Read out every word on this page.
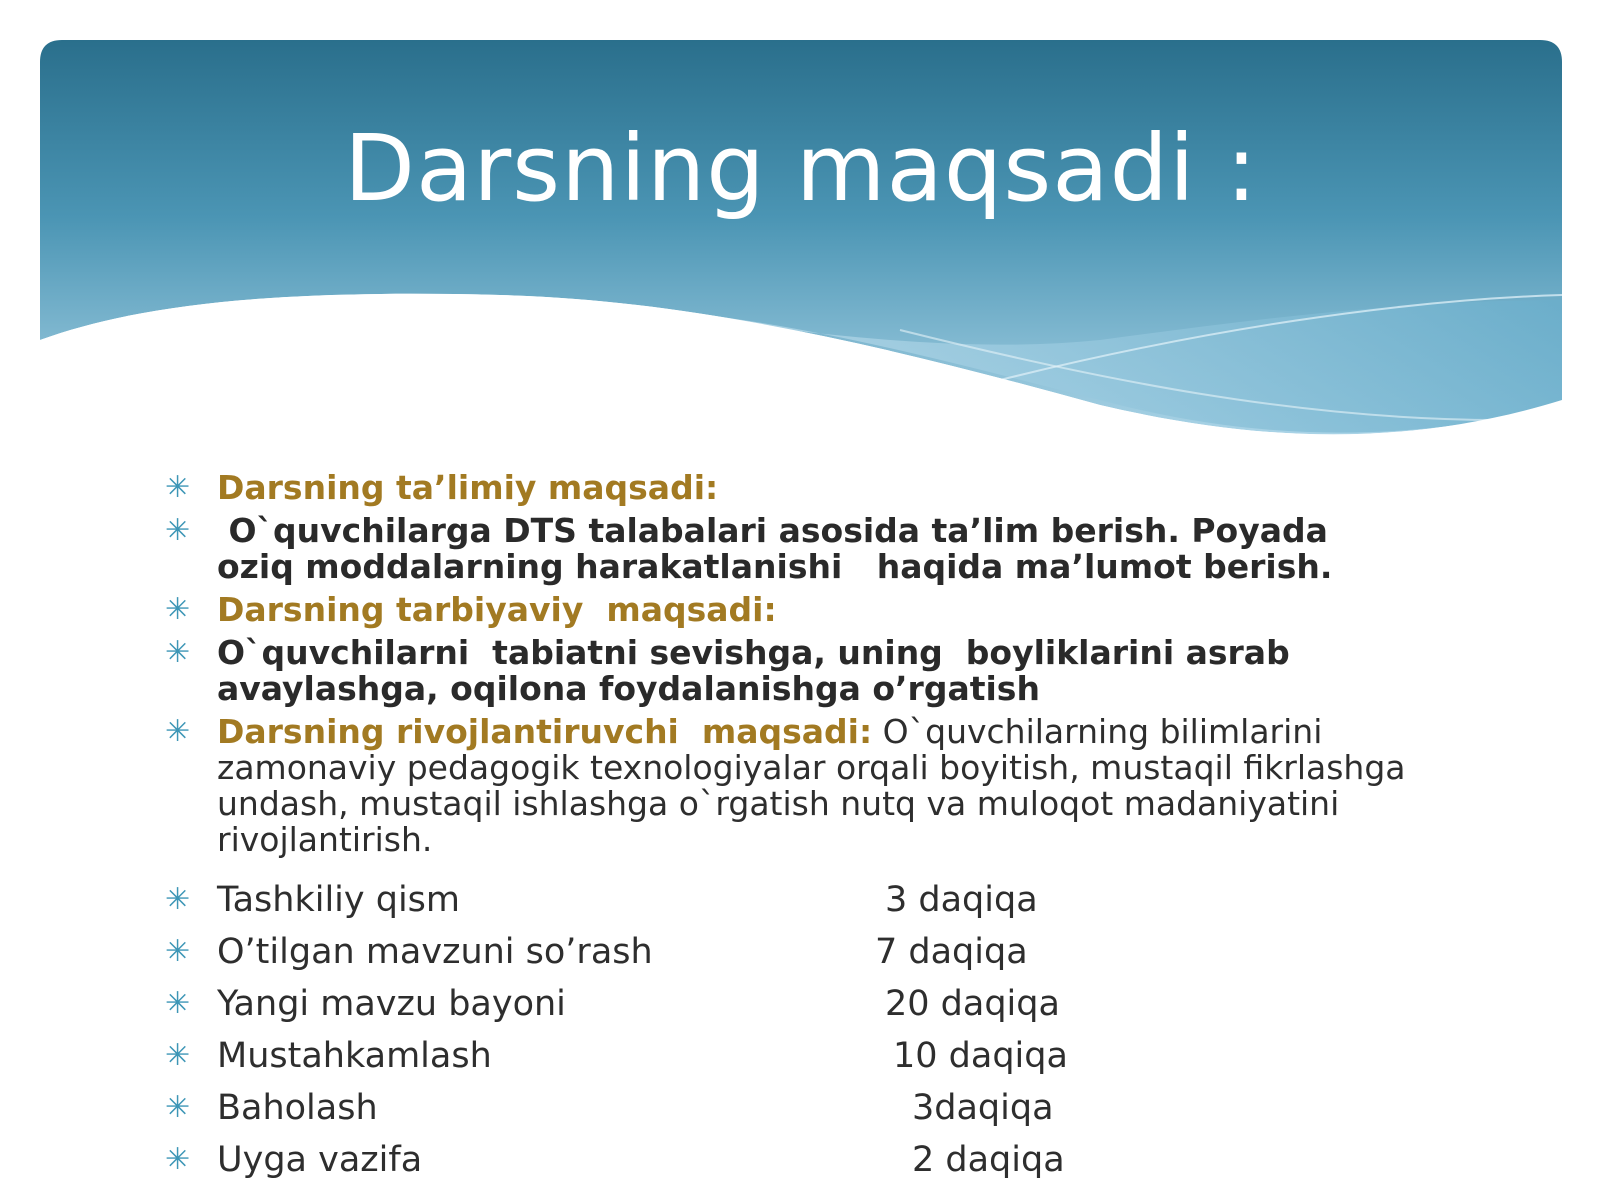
Darsning maqsadi :
✳ Darsning ta’limiy maqsadi:
✳ O`quvchilarga DTS talabalari asosida ta’lim berish. Poyada oziq moddalarning harakatlanishi   haqida ma’lumot berish.
✳ Darsning tarbiyaviy  maqsadi:
✳ O`quvchilarni  tabiatni sevishga, uning  boyliklarini asrab avaylashga, oqilona foydalanishga o’rgatish
✳ Darsning rivojlantiruvchi  maqsadi: O`quvchilarning bilimlarini zamonaviy pedagogik texnologiyalar orqali boyitish, mustaqil fikrlashga undash, mustaqil ishlashga o`rgatish nutq va muloqot madaniyatini rivojlantirish.
✳ Tashkiliy qism	3 daqiqa
✳ O’tilgan mavzuni so’rash	7 daqiqa
✳ Yangi mavzu bayoni	20 daqiqa
✳ Mustahkamlash	10 daqiqa
✳ Baholash	3daqiqa
✳ Uyga vazifa	2 daqiqa
